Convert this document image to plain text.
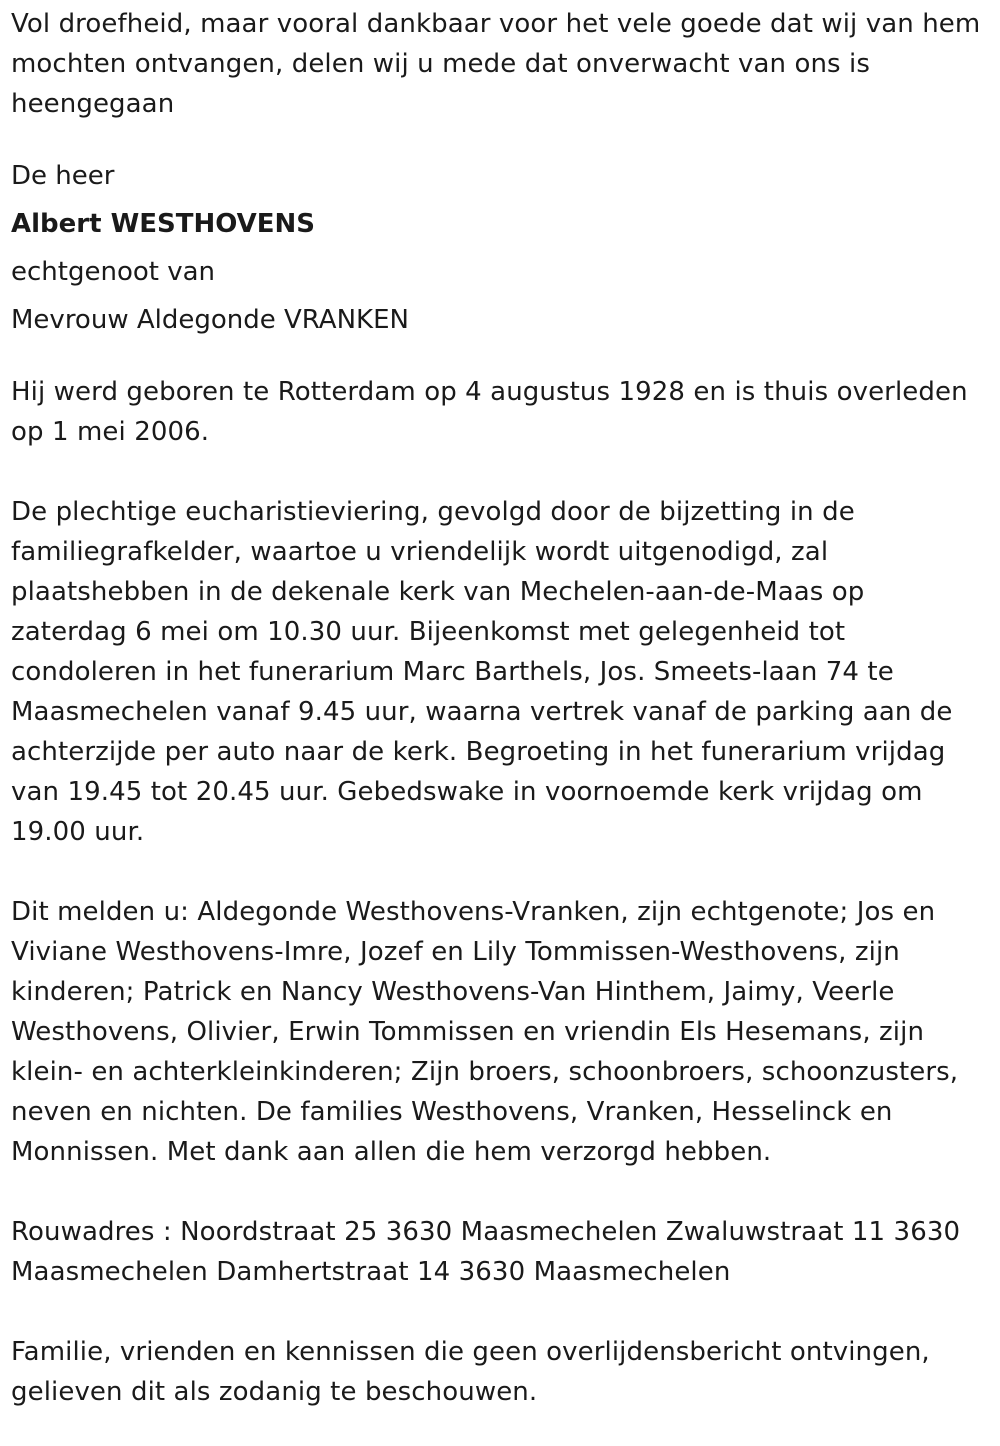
Vol droefheid, maar vooral dankbaar voor het vele goede dat wij van hem mochten ontvangen, delen wij u mede dat onverwacht van ons is heengegaan

De heer

Albert WESTHOVENS

echtgenoot van

Mevrouw Aldegonde VRANKEN

Hij werd geboren te Rotterdam op 4 augustus 1928 en is thuis overleden op 1 mei 2006.

De plechtige eucharistieviering, gevolgd door de bijzetting in de familiegrafkelder, waartoe u vriendelijk wordt uitgenodigd, zal plaatshebben in de dekenale kerk van Mechelen-aan-de-Maas op zaterdag 6 mei om 10.30 uur. Bijeenkomst met gelegenheid tot condoleren in het funerarium Marc Barthels, Jos. Smeets-laan 74 te Maasmechelen vanaf 9.45 uur, waarna vertrek vanaf de parking aan de achterzijde per auto naar de kerk. Begroeting in het funerarium vrijdag van 19.45 tot 20.45 uur. Gebedswake in voornoemde kerk vrijdag om 19.00 uur.

Dit melden u: Aldegonde Westhovens-Vranken, zijn echtgenote; Jos en Viviane Westhovens-Imre, Jozef en Lily Tommissen-Westhovens, zijn kinderen; Patrick en Nancy Westhovens-Van Hinthem, Jaimy, Veerle Westhovens, Olivier, Erwin Tommissen en vriendin Els Hesemans, zijn klein- en achterkleinkinderen; Zijn broers, schoonbroers, schoonzusters, neven en nichten. De families Westhovens, Vranken, Hesselinck en Monnissen. Met dank aan allen die hem verzorgd hebben.

Rouwadres : Noordstraat 25 3630 Maasmechelen Zwaluwstraat 11 3630 Maasmechelen Damhertstraat 14 3630 Maasmechelen

Familie, vrienden en kennissen die geen overlijdensbericht ontvingen, gelieven dit als zodanig te beschouwen.
